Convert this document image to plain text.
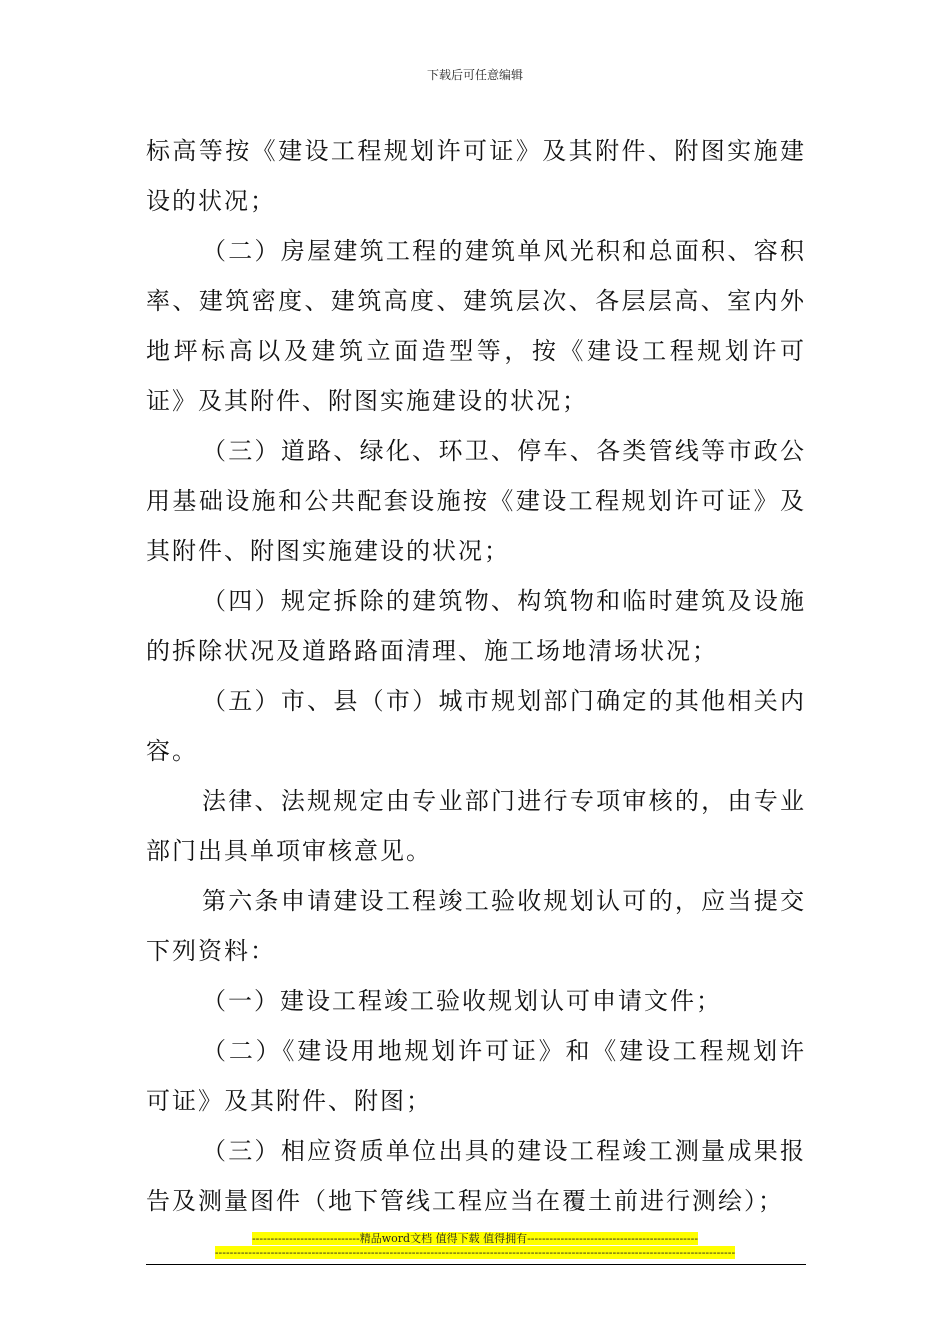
下载后可任意编辑

标高等按《建设工程规划许可证》及其附件、附图实施建设的状况；

（二）房屋建筑工程的建筑单风光积和总面积、容积率、建筑密度、建筑高度、建筑层次、各层层高、室内外地坪标高以及建筑立面造型等，按《建设工程规划许可证》及其附件、附图实施建设的状况；

（三）道路、绿化、环卫、停车、各类管线等市政公用基础设施和公共配套设施按《建设工程规划许可证》及其附件、附图实施建设的状况；

（四）规定拆除的建筑物、构筑物和临时建筑及设施的拆除状况及道路路面清理、施工场地清场状况；

（五）市、县（市）城市规划部门确定的其他相关内容。

法律、法规规定由专业部门进行专项审核的，由专业部门出具单项审核意见。

第六条申请建设工程竣工验收规划认可的，应当提交下列资料：

（一）建设工程竣工验收规划认可申请文件；

（二）《建设用地规划许可证》和《建设工程规划许可证》及其附件、附图；

（三）相应资质单位出具的建设工程竣工测量成果报告及测量图件（地下管线工程应当在覆土前进行测绘）；

-----------------------------精品word文档 值得下载 值得拥有----------------------------------------------
--------------------------------------------------------------------------------------------------------------------------------------------
